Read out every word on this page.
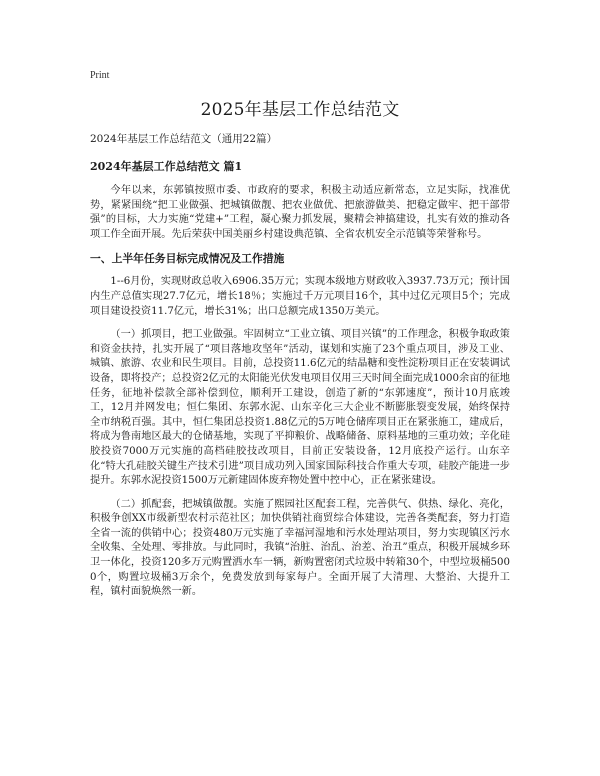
Print
2025年基层工作总结范文
2024年基层工作总结范文（通用22篇）
2024年基层工作总结范文 篇1

今年以来，东郭镇按照市委、市政府的要求，积极主动适应新常态，立足实际，找准优势，紧紧围绕“把工业做强、把城镇做靓、把农业做优、把旅游做美、把稳定做牢、把干部带强”的目标，大力实施“党建+”工程，凝心聚力抓发展，聚精会神搞建设，扎实有效的推动各项工作全面开展。先后荣获中国美丽乡村建设典范镇、全省农机安全示范镇等荣誉称号。

一、上半年任务目标完成情况及工作措施

1--6月份，实现财政总收入6906.35万元；实现本级地方财政收入3937.73万元；预计国内生产总值实现27.7亿元，增长18％；实施过千万元项目16个，其中过亿元项目5个；完成项目建设投资11.7亿元，增长31%；出口总额完成1350万美元。

（一）抓项目，把工业做强。牢固树立“工业立镇、项目兴镇”的工作理念，积极争取政策和资金扶持，扎实开展了“项目落地攻坚年”活动，谋划和实施了23个重点项目，涉及工业、城镇、旅游、农业和民生项目。目前，总投资11.6亿元的结晶糖和变性淀粉项目正在安装调试设备，即将投产；总投资2亿元的太阳能光伏发电项目仅用三天时间全面完成1000余亩的征地任务，征地补偿款全部补偿到位，顺利开工建设，创造了新的“东郭速度”，预计10月底竣工，12月并网发电；恒仁集团、东郭水泥、山东辛化三大企业不断膨胀裂变发展，始终保持全市纳税百强。其中，恒仁集团总投资1.88亿元的5万吨仓储库项目正在紧张施工，建成后，将成为鲁南地区最大的仓储基地，实现了平抑粮价、战略储备、原料基地的三重功效；辛化硅胶投资7000万元实施的高档硅胶技改项目，目前正安装设备，12月底投产运行。山东辛化“特大孔硅胶关键生产技术引进”项目成功列入国家国际科技合作重大专项，硅胶产能进一步提升。东郭水泥投资1500万元新建固体废弃物处置中控中心，正在紧张建设。

（二）抓配套，把城镇做靓。实施了熙园社区配套工程，完善供气、供热、绿化、亮化，积极争创XX市级新型农村示范社区；加快供销社商贸综合体建设，完善各类配套，努力打造全省一流的供销中心；投资480万元实施了幸福河湿地和污水处理站项目，努力实现镇区污水全收集、全处理、零排放。与此同时，我镇“治脏、治乱、治差、治丑”重点，积极开展城乡环卫一体化，投资120多万元购置洒水车一辆，新购置密闭式垃圾中转箱30个，中型垃圾桶5000个，购置垃圾桶3万余个，免费发放到每家每户。全面开展了大清理、大整治、大提升工程，镇村面貌焕然一新。
